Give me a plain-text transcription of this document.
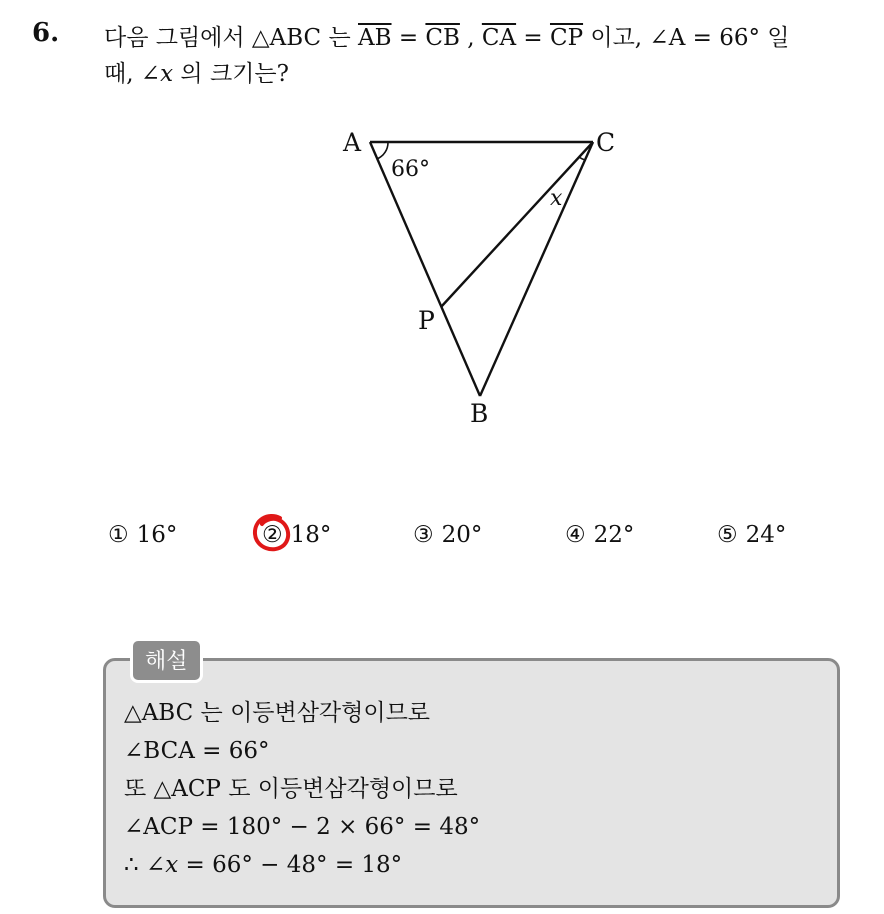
6. 다음 그림에서 △ABC 는 $\overline{AB} = \overline{CB}$ , $\overline{CA} = \overline{CP}$ 이고, ∠A = 66° 일
때, ∠x 의 크기는?
A	C
P
B
66°
x
① 16°	② 18°	③ 20°	④ 22°	⑤ 24°
해설
△ABC 는 이등변삼각형이므로
∠BCA = 66°
또 △ACP 도 이등변삼각형이므로
∠ACP = 180° − 2 × 66° = 48°
∴ ∠x = 66° − 48° = 18°
